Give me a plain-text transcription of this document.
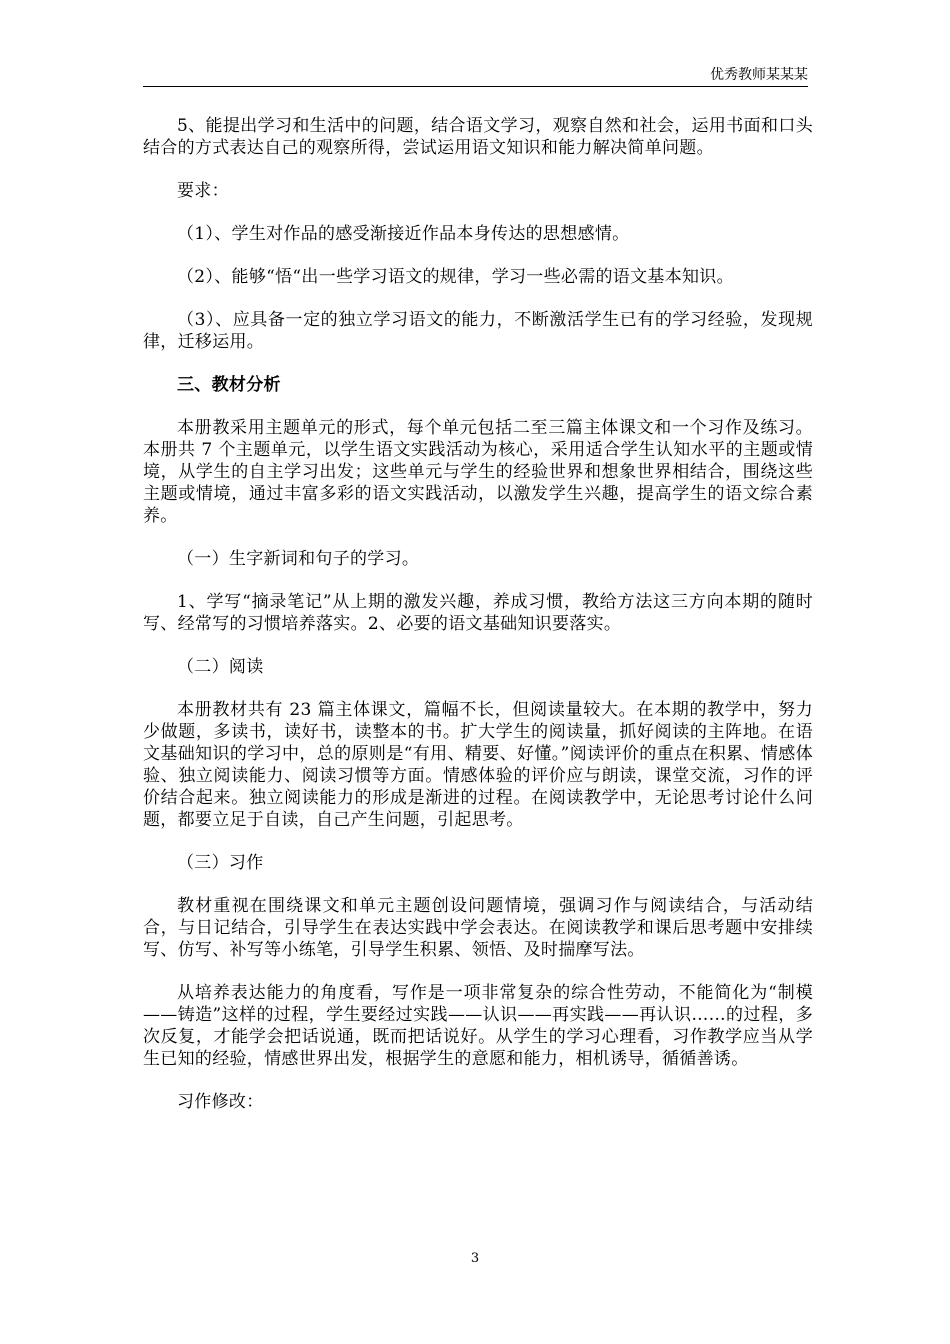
优秀教师某某某

5、能提出学习和生活中的问题，结合语文学习，观察自然和社会，运用书面和口头结合的方式表达自己的观察所得，尝试运用语文知识和能力解决简单问题。

要求：

（1）、学生对作品的感受渐接近作品本身传达的思想感情。

（2）、能够“悟“出一些学习语文的规律，学习一些必需的语文基本知识。

（3）、应具备一定的独立学习语文的能力，不断激活学生已有的学习经验，发现规律，迁移运用。

三、教材分析

本册教采用主题单元的形式，每个单元包括二至三篇主体课文和一个习作及练习。本册共 7 个主题单元，以学生语文实践活动为核心，采用适合学生认知水平的主题或情境，从学生的自主学习出发；这些单元与学生的经验世界和想象世界相结合，围绕这些主题或情境，通过丰富多彩的语文实践活动，以激发学生兴趣，提高学生的语文综合素养。

（一）生字新词和句子的学习。

1、学写“摘录笔记”从上期的激发兴趣，养成习惯，教给方法这三方向本期的随时写、经常写的习惯培养落实。2、必要的语文基础知识要落实。

（二）阅读

本册教材共有 23 篇主体课文，篇幅不长，但阅读量较大。在本期的教学中，努力少做题，多读书，读好书，读整本的书。扩大学生的阅读量，抓好阅读的主阵地。在语文基础知识的学习中，总的原则是“有用、精要、好懂。”阅读评价的重点在积累、情感体验、独立阅读能力、阅读习惯等方面。情感体验的评价应与朗读，课堂交流，习作的评价结合起来。独立阅读能力的形成是渐进的过程。在阅读教学中，无论思考讨论什么问题，都要立足于自读，自己产生问题，引起思考。

（三）习作

教材重视在围绕课文和单元主题创设问题情境，强调习作与阅读结合，与活动结合，与日记结合，引导学生在表达实践中学会表达。在阅读教学和课后思考题中安排续写、仿写、补写等小练笔，引导学生积累、领悟、及时揣摩写法。

从培养表达能力的角度看，写作是一项非常复杂的综合性劳动，不能简化为“制模——铸造”这样的过程，学生要经过实践——认识——再实践——再认识……的过程，多次反复，才能学会把话说通，既而把话说好。从学生的学习心理看，习作教学应当从学生已知的经验，情感世界出发，根据学生的意愿和能力，相机诱导，循循善诱。

习作修改：

3
